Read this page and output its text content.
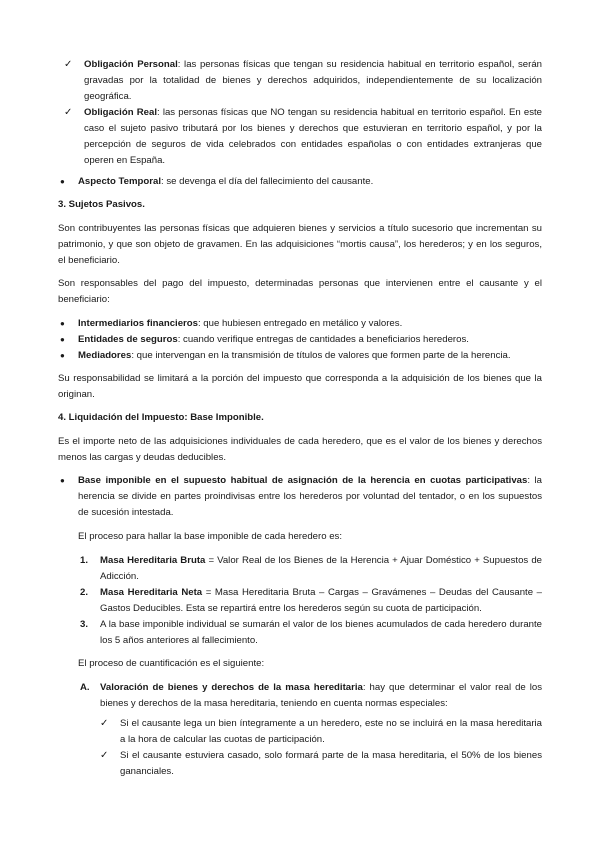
✓	Obligación Personal: las personas físicas que tengan su residencia habitual en territorio español, serán gravadas por la totalidad de bienes y derechos adquiridos, independientemente de su localización geográfica.

✓	Obligación Real: las personas físicas que NO tengan su residencia habitual en territorio español. En este caso el sujeto pasivo tributará por los bienes y derechos que estuvieran en territorio español, y por la percepción de seguros de vida celebrados con entidades españolas o con entidades extranjeras que operen en España.

● Aspecto Temporal: se devenga el día del fallecimiento del causante.

3. Sujetos Pasivos.

Son contribuyentes las personas físicas que adquieren bienes y servicios a título sucesorio que incrementan su patrimonio, y que son objeto de gravamen. En las adquisiciones “mortis causa”, los herederos; y en los seguros, el beneficiario.

Son responsables del pago del impuesto, determinadas personas que intervienen entre el causante y el beneficiario:

● Intermediarios financieros: que hubiesen entregado en metálico y valores.

● Entidades de seguros: cuando verifique entregas de cantidades a beneficiarios herederos.

● Mediadores: que intervengan en la transmisión de títulos de valores que formen parte de la herencia.

Su responsabilidad se limitará a la porción del impuesto que corresponda a la adquisición de los bienes que la originan.

4. Liquidación del Impuesto: Base Imponible.

Es el importe neto de las adquisiciones individuales de cada heredero, que es el valor de los bienes y derechos menos las cargas y deudas deducibles.

● Base imponible en el supuesto habitual de asignación de la herencia en cuotas participativas: la herencia se divide en partes proindivisas entre los herederos por voluntad del tentador, o en los supuestos de sucesión intestada.

El proceso para hallar la base imponible de cada heredero es:

1. Masa Hereditaria Bruta = Valor Real de los Bienes de la Herencia + Ajuar Doméstico + Supuestos de Adicción.

2. Masa Hereditaria Neta = Masa Hereditaria Bruta – Cargas – Gravámenes – Deudas del Causante – Gastos Deducibles. Esta se repartirá entre los herederos según su cuota de participación.

3. A la base imponible individual se sumarán el valor de los bienes acumulados de cada heredero durante los 5 años anteriores al fallecimiento.

El proceso de cuantificación es el siguiente:

A. Valoración de bienes y derechos de la masa hereditaria: hay que determinar el valor real de los bienes y derechos de la masa hereditaria, teniendo en cuenta normas especiales:

✓	Si el causante lega un bien íntegramente a un heredero, este no se incluirá en la masa hereditaria a la hora de calcular las cuotas de participación.

✓	Si el causante estuviera casado, solo formará parte de la masa hereditaria, el 50% de los bienes gananciales.
